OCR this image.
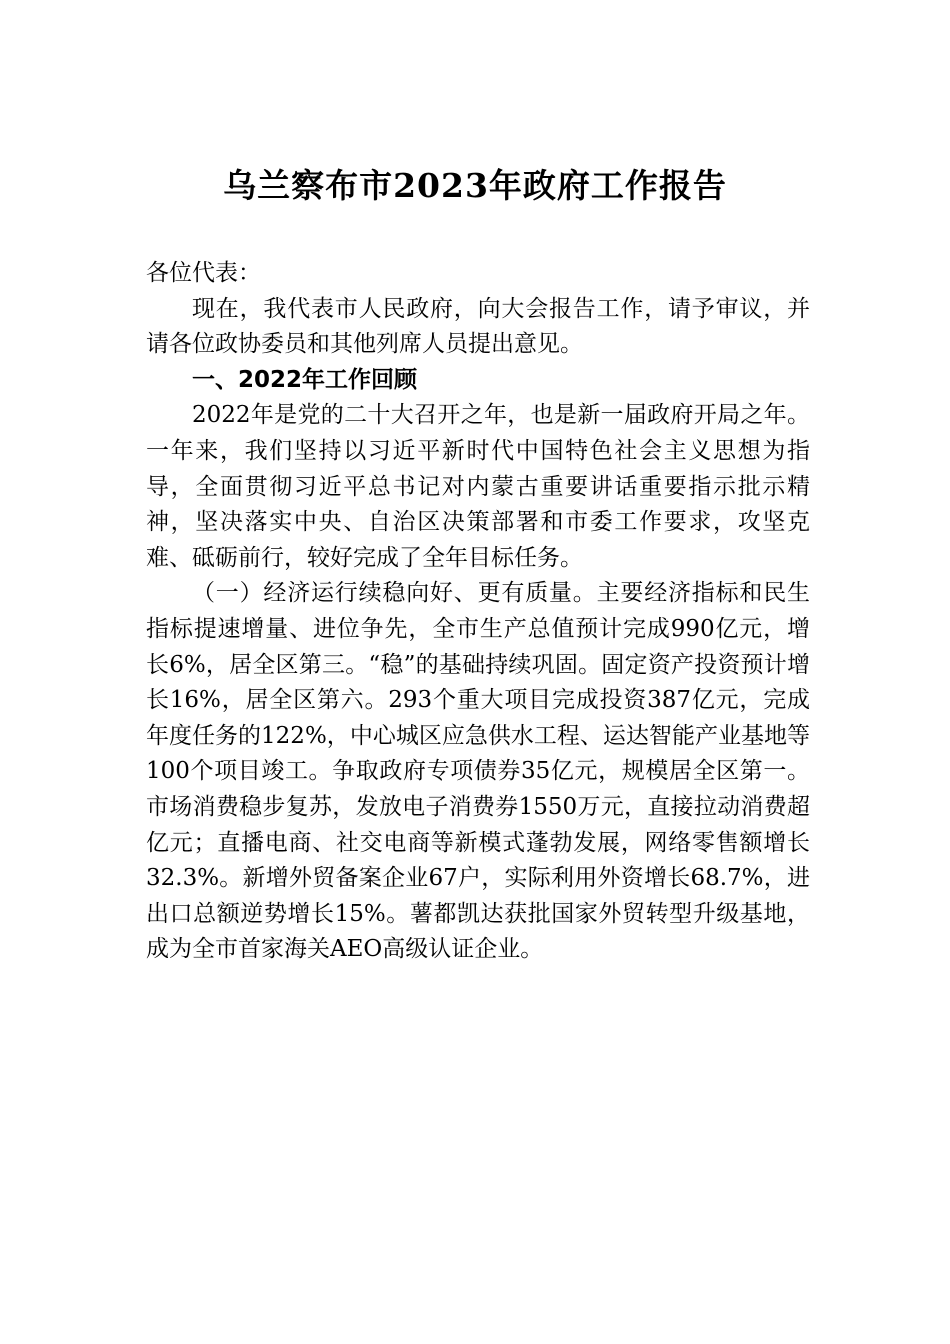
乌兰察布市2023年政府工作报告

各位代表：

现在，我代表市人民政府，向大会报告工作，请予审议，并请各位政协委员和其他列席人员提出意见。

一、2022年工作回顾

2022年是党的二十大召开之年，也是新一届政府开局之年。一年来，我们坚持以习近平新时代中国特色社会主义思想为指导，全面贯彻习近平总书记对内蒙古重要讲话重要指示批示精神，坚决落实中央、自治区决策部署和市委工作要求，攻坚克难、砥砺前行，较好完成了全年目标任务。

（一）经济运行续稳向好、更有质量。主要经济指标和民生指标提速增量、进位争先，全市生产总值预计完成990亿元，增长6%，居全区第三。“稳”的基础持续巩固。固定资产投资预计增长16%，居全区第六。293个重大项目完成投资387亿元，完成年度任务的122%，中心城区应急供水工程、运达智能产业基地等100个项目竣工。争取政府专项债券35亿元，规模居全区第一。市场消费稳步复苏，发放电子消费券1550万元，直接拉动消费超亿元；直播电商、社交电商等新模式蓬勃发展，网络零售额增长32.3%。新增外贸备案企业67户，实际利用外资增长68.7%，进出口总额逆势增长15%。薯都凯达获批国家外贸转型升级基地，成为全市首家海关AEO高级认证企业。
